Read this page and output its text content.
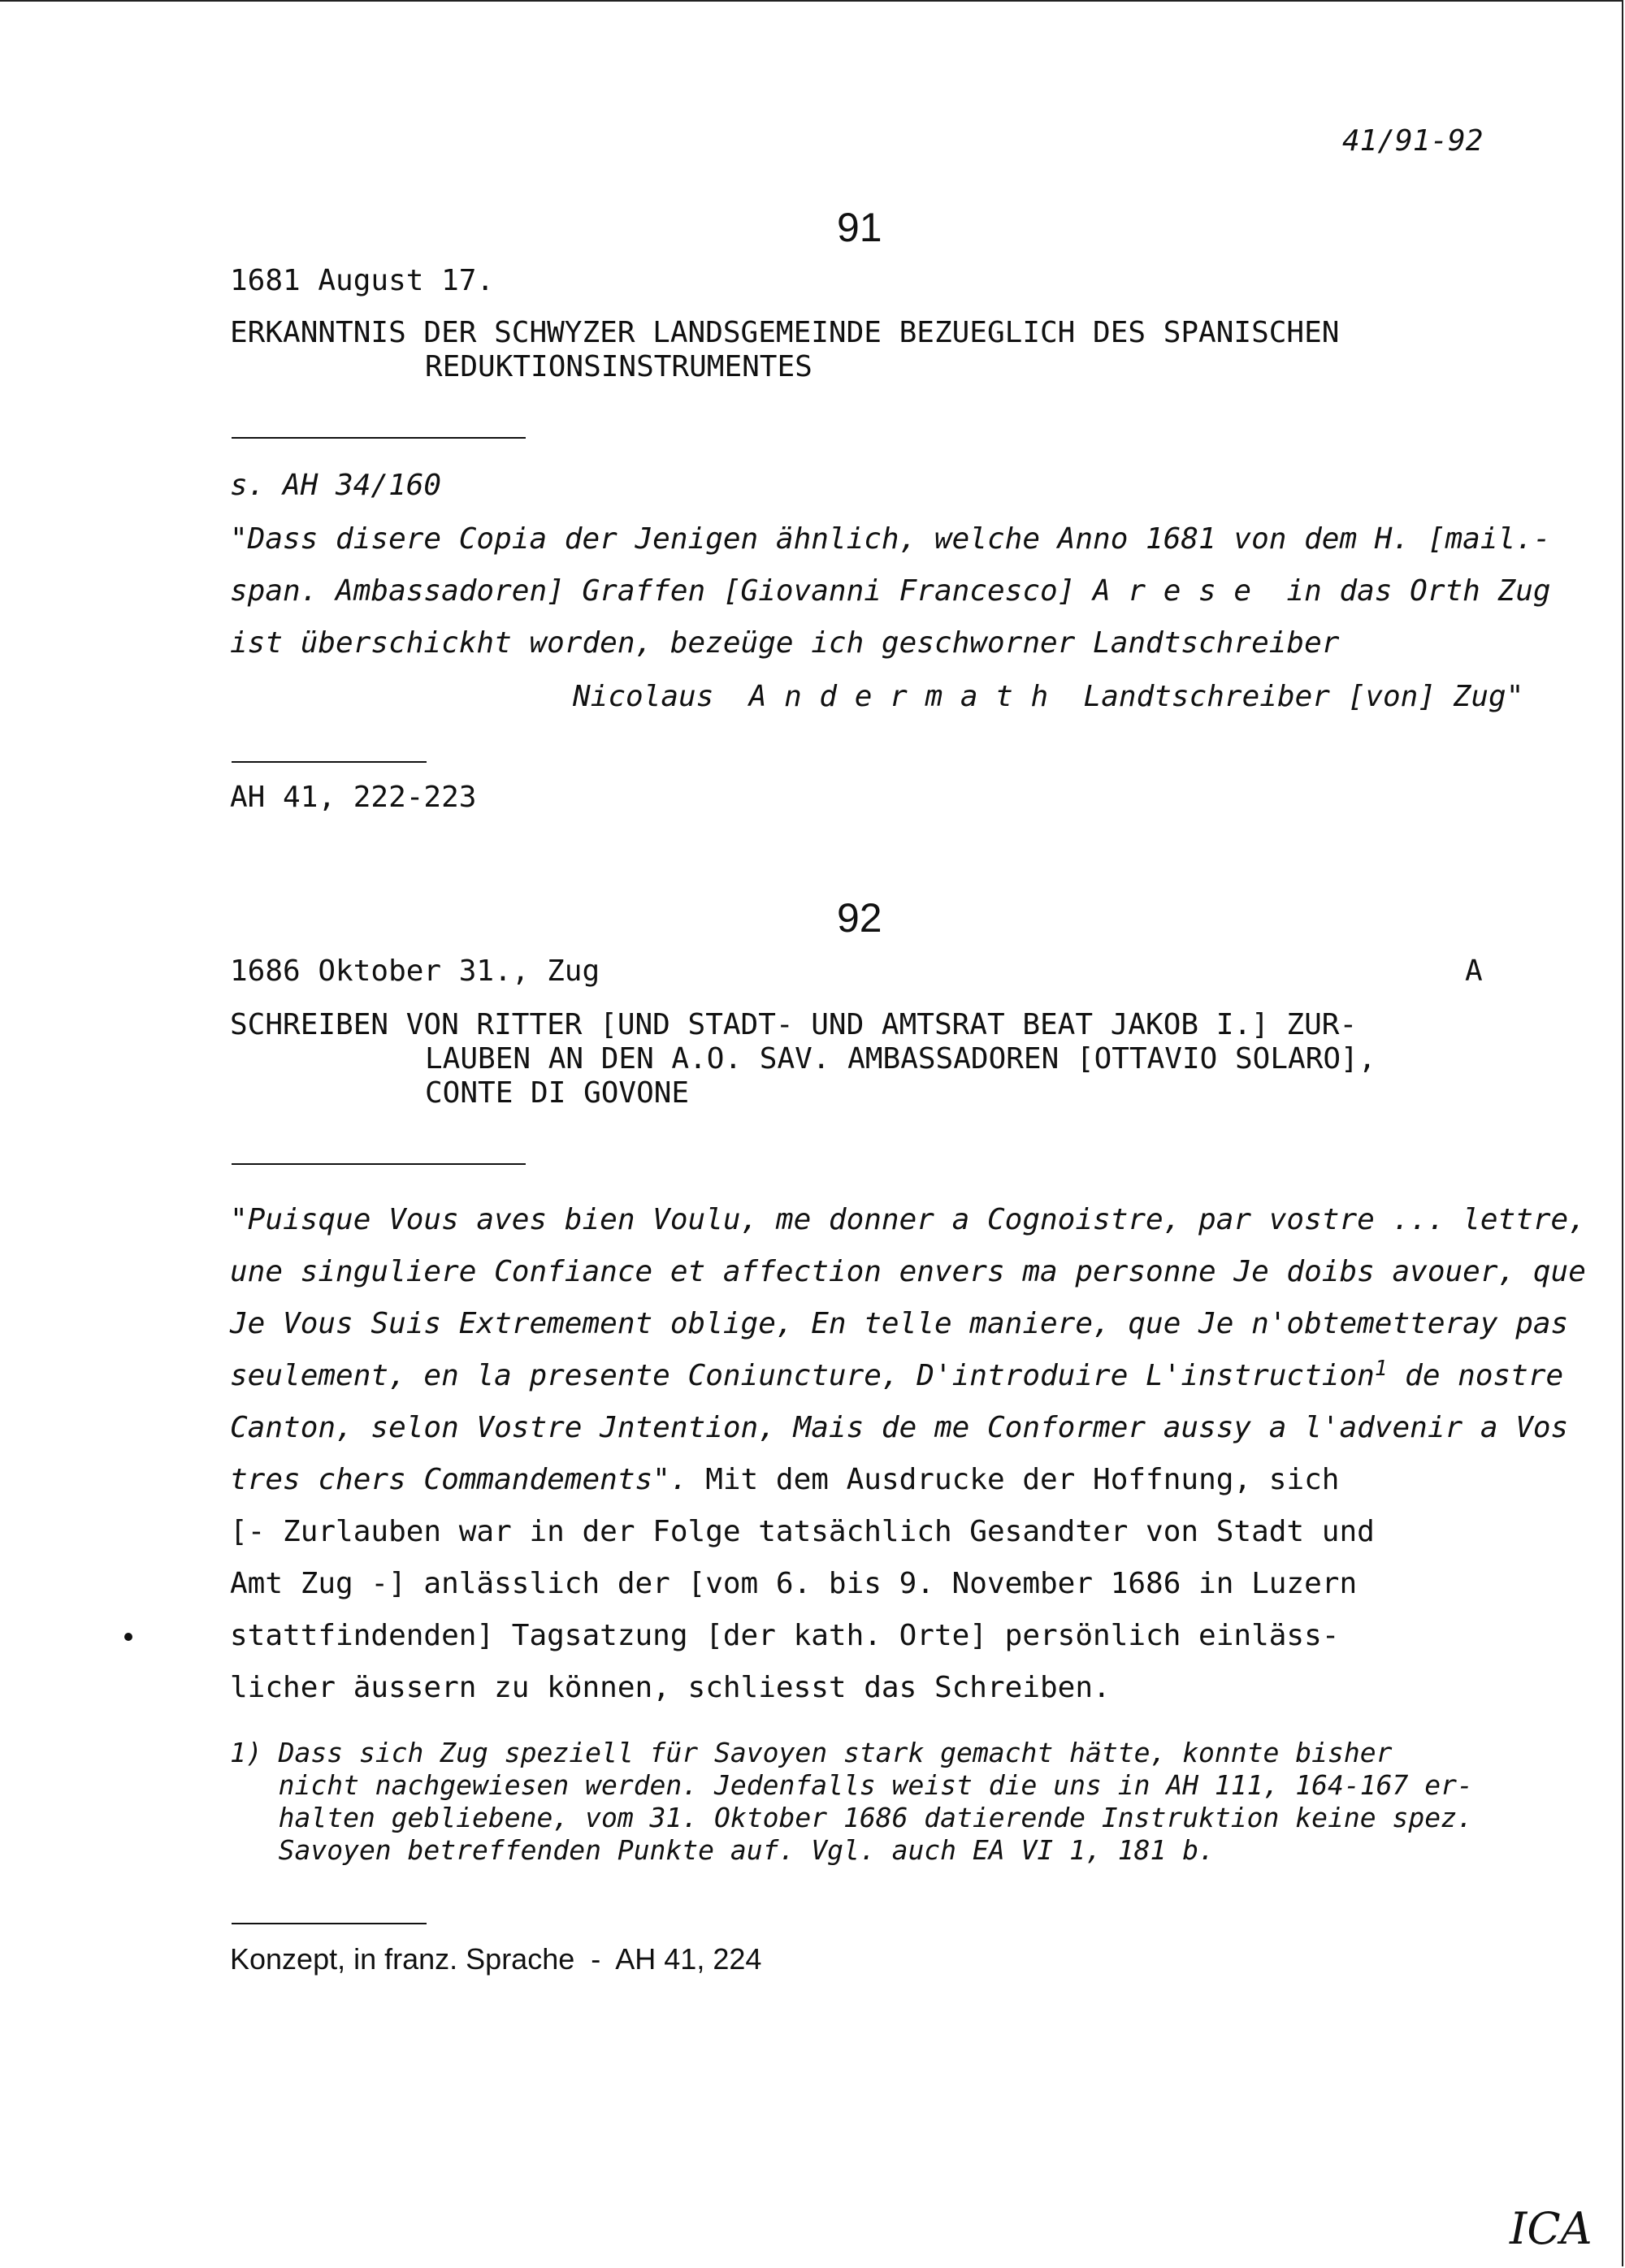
41/91-92
91
1681 August 17.
ERKANNTNIS DER SCHWYZER LANDSGEMEINDE BEZUEGLICH DES SPANISCHEN
REDUKTIONSINSTRUMENTES
s. AH 34/160
"Dass disere Copia der Jenigen ähnlich, welche Anno 1681 von dem H. [mail.-
span. Ambassadoren] Graffen [Giovanni Francesco] A r e s e  in das Orth Zug
ist überschickht worden, bezeüge ich geschworner Landtschreiber
Nicolaus  A n d e r m a t h  Landtschreiber [von] Zug"
AH 41, 222-223
92
1686 Oktober 31., Zug	A
SCHREIBEN VON RITTER [UND STADT- UND AMTSRAT BEAT JAKOB I.] ZUR-
LAUBEN AN DEN A.O. SAV. AMBASSADOREN [OTTAVIO SOLARO],
CONTE DI GOVONE
"Puisque Vous aves bien Voulu, me donner a Cognoistre, par vostre ... lettre,
une singuliere Confiance et affection envers ma personne Je doibs avouer, que
Je Vous Suis Extremement oblige, En telle maniere, que Je n'obtemetteray pas
seulement, en la presente Coniuncture, D'introduire L'instruction$^1$ de nostre
Canton, selon Vostre Jntention, Mais de me Conformer aussy a l'advenir a Vos
tres chers Commandements". Mit dem Ausdrucke der Hoffnung, sich
[- Zurlauben war in der Folge tatsächlich Gesandter von Stadt und
Amt Zug -] anlässlich der [vom 6. bis 9. November 1686 in Luzern
stattfindenden] Tagsatzung [der kath. Orte] persönlich einläss-
licher äussern zu können, schliesst das Schreiben.
1) Dass sich Zug speziell für Savoyen stark gemacht hätte, konnte bisher
nicht nachgewiesen werden. Jedenfalls weist die uns in AH 111, 164-167 er-
halten gebliebene, vom 31. Oktober 1686 datierende Instruktion keine spez.
Savoyen betreffenden Punkte auf. Vgl. auch EA VI 1, 181 b.
Konzept, in franz. Sprache  -  AH 41, 224
ICA
